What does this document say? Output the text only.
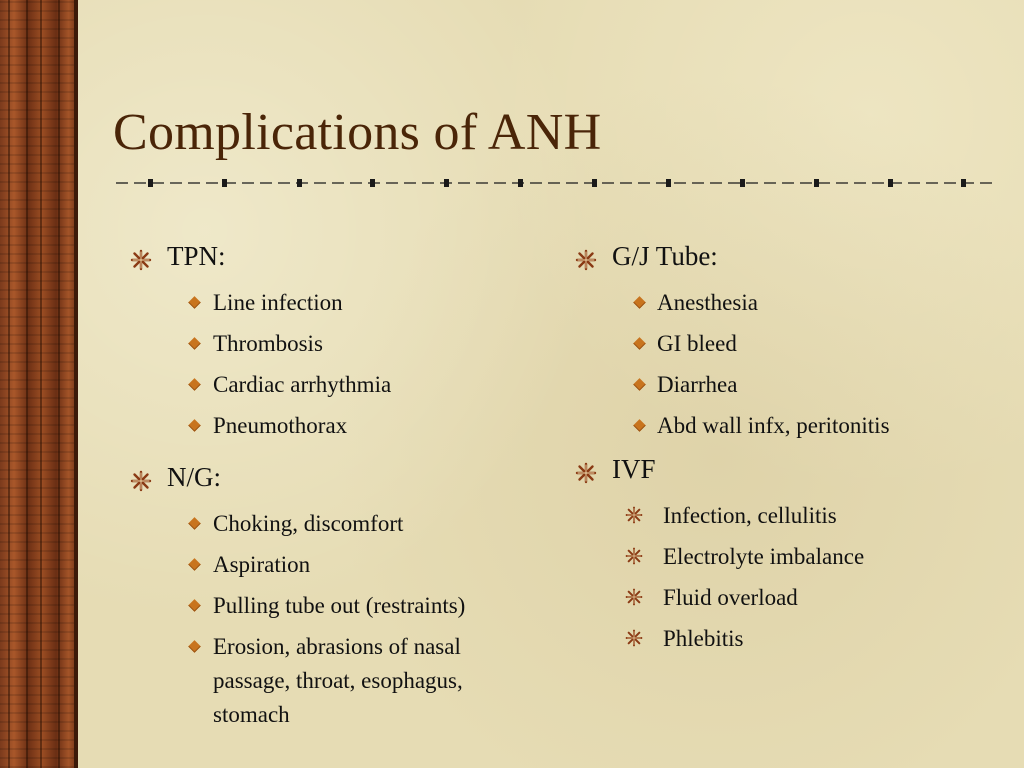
Complications of ANH
TPN:
Line infection
Thrombosis
Cardiac arrhythmia
Pneumothorax
N/G:
Choking, discomfort
Aspiration
Pulling tube out (restraints)
Erosion, abrasions of nasal
passage, throat, esophagus,
stomach
G/J Tube:
Anesthesia
GI bleed
Diarrhea
Abd wall infx, peritonitis
IVF
Infection, cellulitis
Electrolyte imbalance
Fluid overload
Phlebitis
